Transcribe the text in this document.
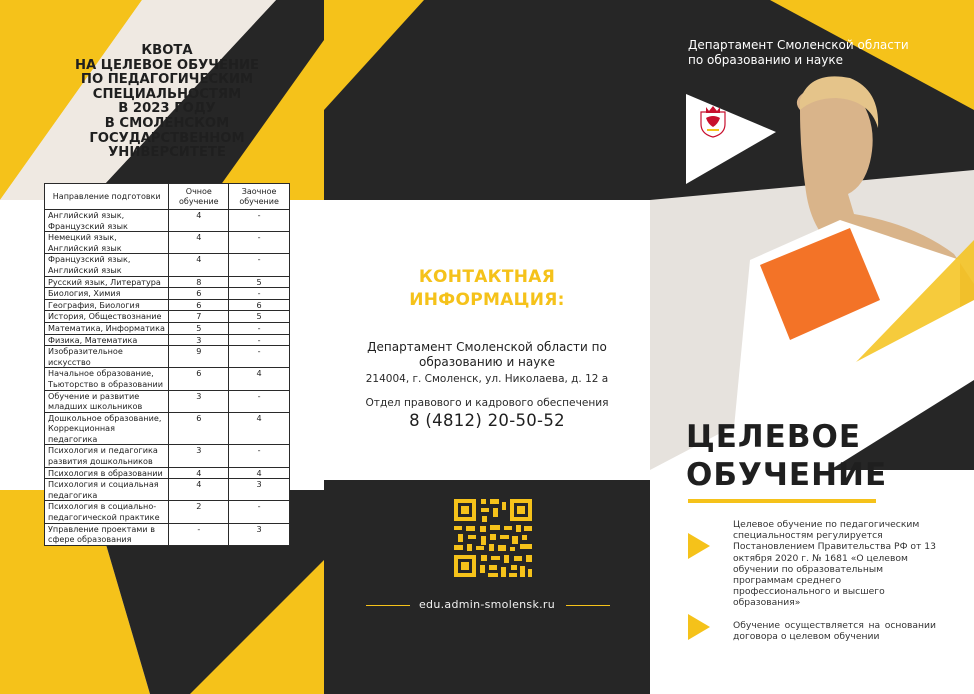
КВОТА
НА ЦЕЛЕВОЕ ОБУЧЕНИЕ
ПО ПЕДАГОГИЧЕСКИМ
СПЕЦИАЛЬНОСТЯМ
В 2023 ГОДУ
В СМОЛЕНСКОМ
ГОСУДАРСТВЕННОМ
УНИВЕРСИТЕТЕ
Направление подготовки	Очное обучение	Заочное обучение
Английский язык, Французский язык	4	-
Немецкий язык, Английский язык	4	-
Французский язык, Английский язык	4	-
Русский язык, Литература	8	5
Биология, Химия	6	-
География, Биология	6	6
История, Обществознание	7	5
Математика, Информатика	5	-
Физика, Математика	3	-
Изобразительное искусство	9	-
Начальное образование, Тьюторство в образовании	6	4
Обучение и развитие младших школьников	3	-
Дошкольное образование, Коррекционная педагогика	6	4
Психология и педагогика развития дошкольников	3	-
Психология в образовании	4	4
Психология и социальная педагогика	4	3
Психология в социально-педагогической практике	2	-
Управление проектами в сфере образования	-	3
КОНТАКТНАЯ
ИНФОРМАЦИЯ:
Департамент Смоленской области по
образованию и науке
214004, г. Смоленск, ул. Николаева, д. 12 а
Отдел правового и кадрового обеспечения
8 (4812) 20-50-52
edu.admin-smolensk.ru
Департамент Смоленской области
по образованию и науке
ЦЕЛЕВОЕ
ОБУЧЕНИЕ
Целевое обучение по педагогическим специальностям регулируется Постановлением Правительства РФ от 13 октября 2020 г. № 1681 «О целевом обучении по образовательным программам среднего профессионального и высшего образования»
Обучение осуществляется на основании договора о целевом обучении
